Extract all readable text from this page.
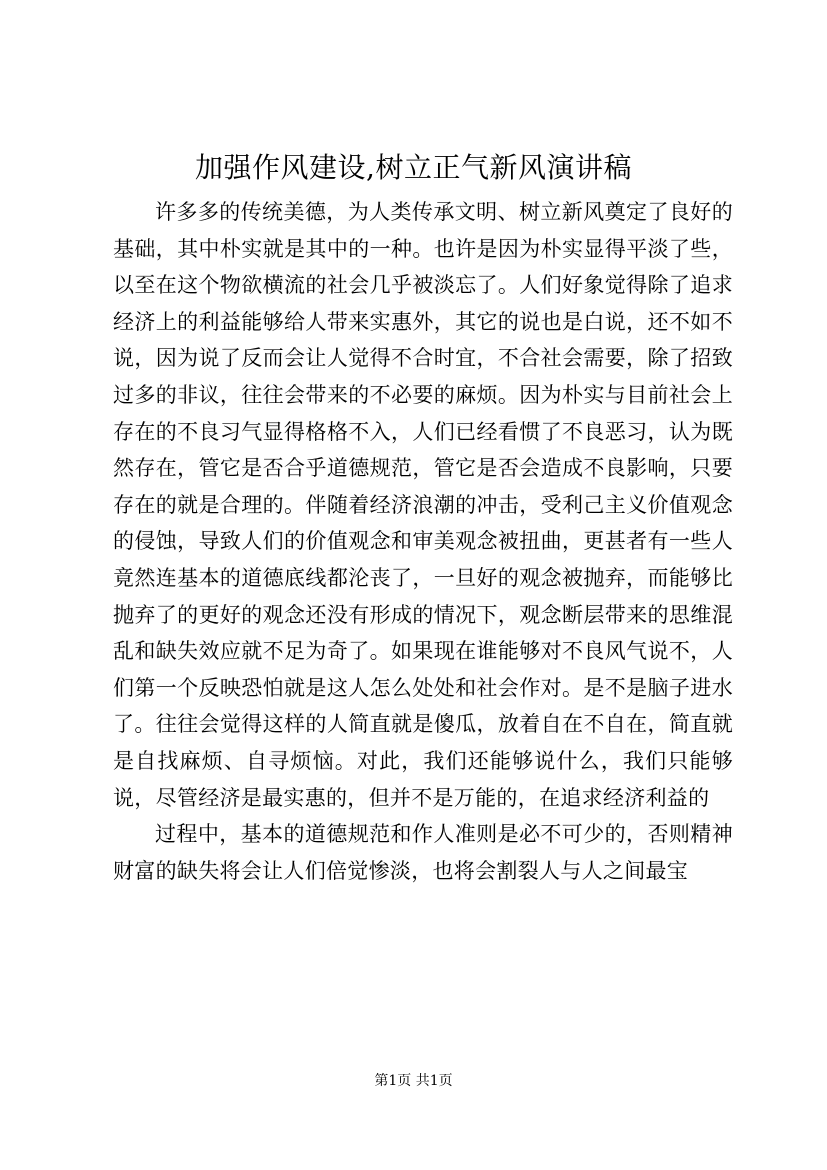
加强作风建设,树立正气新风演讲稿

许多多的传统美德，为人类传承文明、树立新风奠定了良好的基础，其中朴实就是其中的一种。也许是因为朴实显得平淡了些，以至在这个物欲横流的社会几乎被淡忘了。人们好象觉得除了追求经济上的利益能够给人带来实惠外，其它的说也是白说，还不如不说，因为说了反而会让人觉得不合时宜，不合社会需要，除了招致过多的非议，往往会带来的不必要的麻烦。因为朴实与目前社会上存在的不良习气显得格格不入，人们已经看惯了不良恶习，认为既然存在，管它是否合乎道德规范，管它是否会造成不良影响，只要存在的就是合理的。伴随着经济浪潮的冲击，受利己主义价值观念的侵蚀，导致人们的价值观念和审美观念被扭曲，更甚者有一些人竟然连基本的道德底线都沦丧了，一旦好的观念被抛弃，而能够比抛弃了的更好的观念还没有形成的情况下，观念断层带来的思维混乱和缺失效应就不足为奇了。如果现在谁能够对不良风气说不，人们第一个反映恐怕就是这人怎么处处和社会作对。是不是脑子进水了。往往会觉得这样的人简直就是傻瓜，放着自在不自在，简直就是自找麻烦、自寻烦恼。对此，我们还能够说什么，我们只能够说，尽管经济是最实惠的，但并不是万能的，在追求经济利益的

过程中，基本的道德规范和作人准则是必不可少的，否则精神财富的缺失将会让人们倍觉惨淡，也将会割裂人与人之间最宝

第1页 共1页
